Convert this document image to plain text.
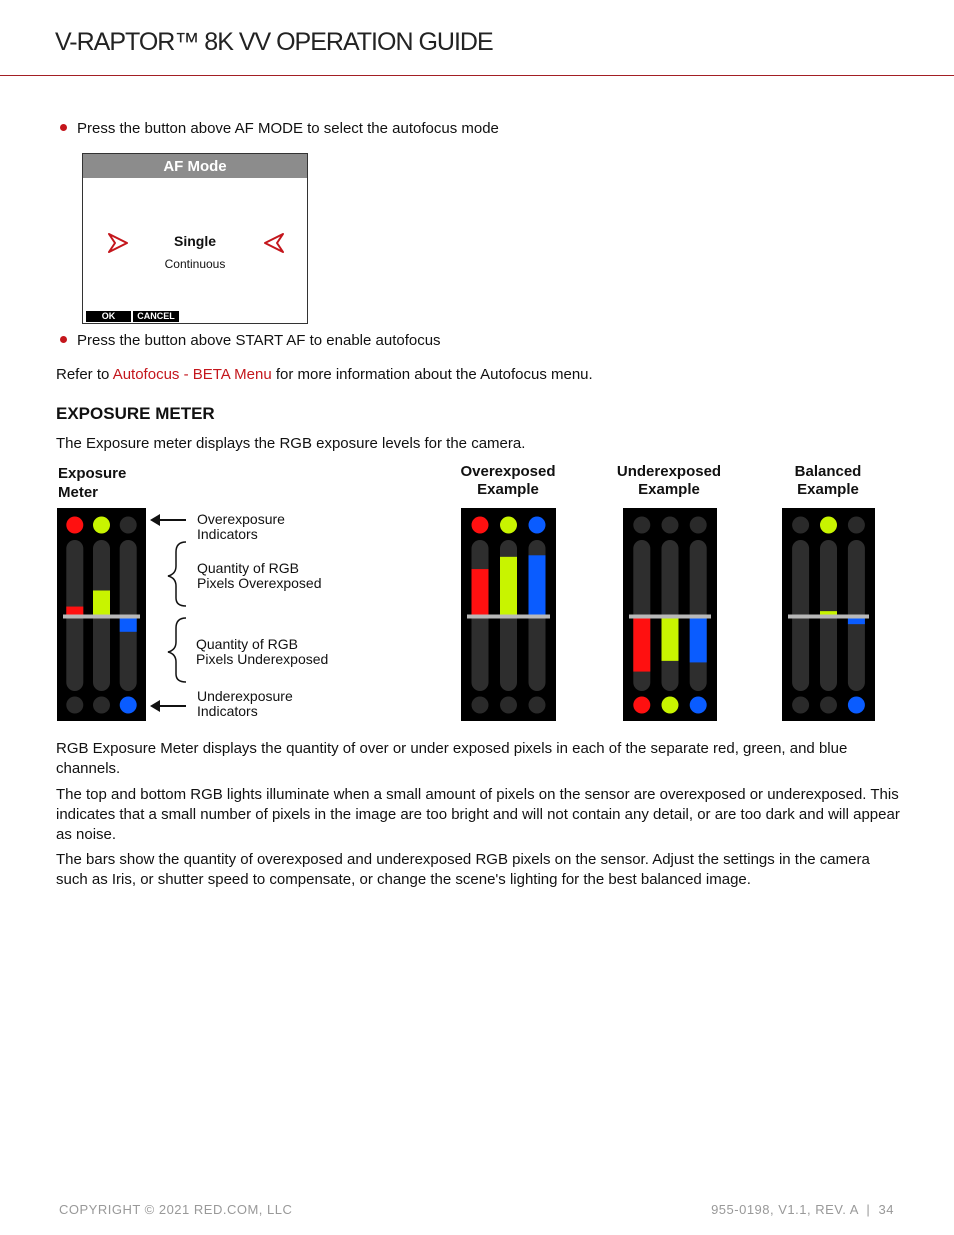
V-RAPTOR™ 8K VV OPERATION GUIDE
Press the button above AF MODE to select the autofocus mode
AF Mode
Single
Continuous
OK	CANCEL
Press the button above START AF to enable autofocus
Refer to Autofocus - BETA Menu for more information about the Autofocus menu.
EXPOSURE METER
The Exposure meter displays the RGB exposure levels for the camera.
Exposure
Meter
Overexposed
Example
Underexposed
Example
Balanced
Example
Overexposure
Indicators
Quantity of RGB
Pixels Overexposed
Quantity of RGB
Pixels Underexposed
Underexposure
Indicators
RGB Exposure Meter displays the quantity of over or under exposed pixels in each of the separate red, green, and blue channels.
The top and bottom RGB lights illuminate when a small amount of pixels on the sensor are overexposed or underexposed. This indicates that a small number of pixels in the image are too bright and will not contain any detail, or are too dark and will appear as noise.
The bars show the quantity of overexposed and underexposed RGB pixels on the sensor. Adjust the settings in the camera such as Iris, or shutter speed to compensate, or change the scene's lighting for the best balanced image.
COPYRIGHT © 2021 RED.COM, LLC	955-0198, V1.1, REV. A  |  34
